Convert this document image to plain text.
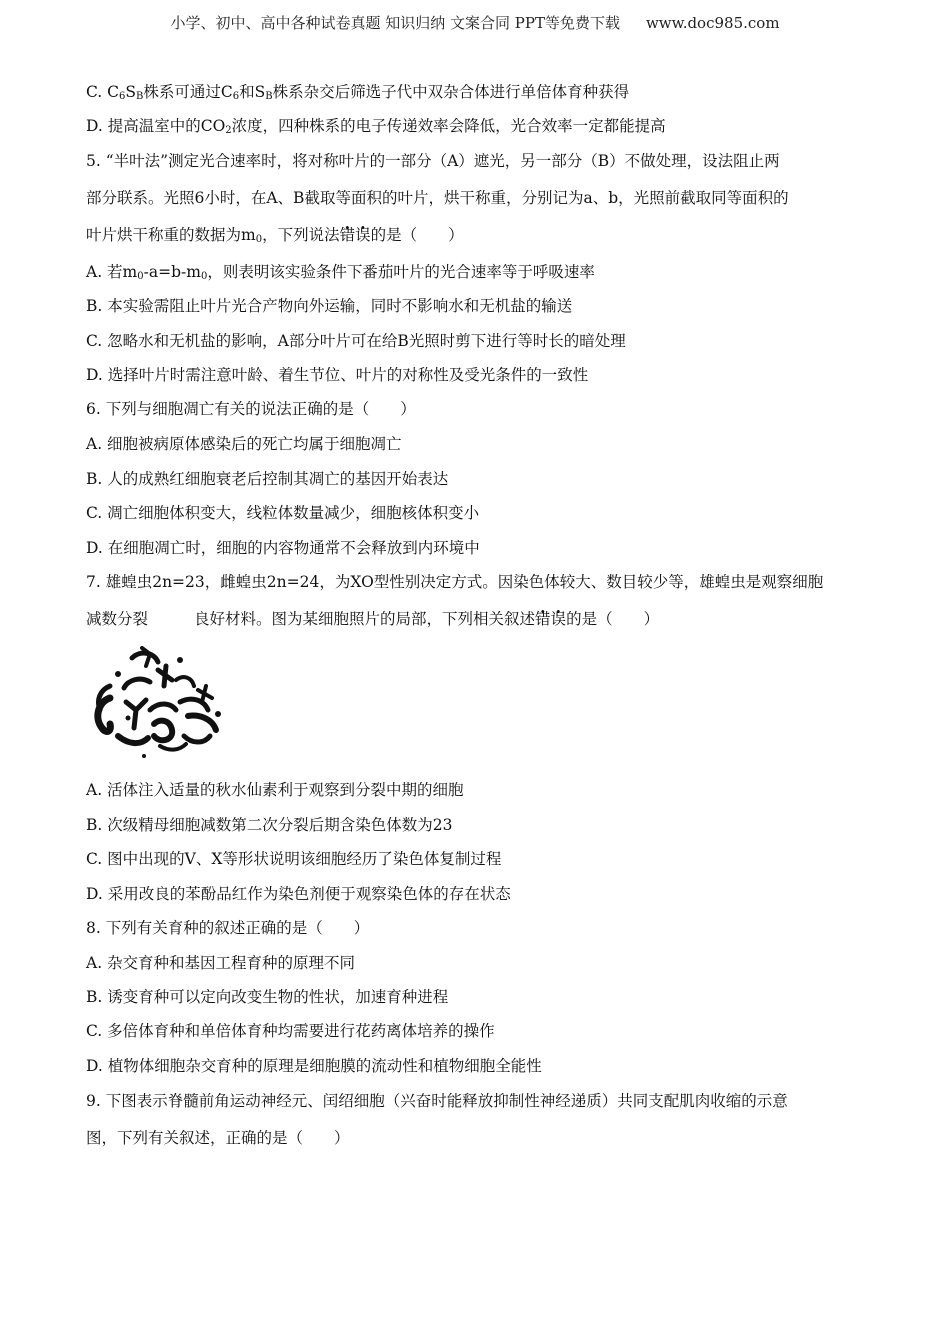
小学、初中、高中各种试卷真题 知识归纳 文案合同 PPT等免费下载 www.doc985.com
C. $C_6S_B$株系可通过$C_6$和$S_B$株系杂交后筛选子代中双杂合体进行单倍体育种获得
D. 提高温室中的$CO_2$浓度，四种株系的电子传递效率会降低，光合效率一定都能提高
5. “半叶法”测定光合速率时，将对称叶片的一部分（A）遮光，另一部分（B）不做处理，设法阻止两
部分联系。光照6小时，在A、B截取等面积的叶片，烘干称重，分别记为a、b，光照前截取同等面积的
叶片烘干称重的数据为$m_0$，下列说法错误的是（　　）
A. 若$m_0-a=b-m_0$，则表明该实验条件下番茄叶片的光合速率等于呼吸速率
B. 本实验需阻止叶片光合产物向外运输，同时不影响水和无机盐的输送
C. 忽略水和无机盐的影响，A部分叶片可在给B光照时剪下进行等时长的暗处理
D. 选择叶片时需注意叶龄、着生节位、叶片的对称性及受光条件的一致性
6. 下列与细胞凋亡有关的说法正确的是（　　）
A. 细胞被病原体感染后的死亡均属于细胞凋亡
B. 人的成熟红细胞衰老后控制其凋亡的基因开始表达
C. 凋亡细胞体积变大，线粒体数量减少，细胞核体积变小
D. 在细胞凋亡时，细胞的内容物通常不会释放到内环境中
7. 雄蝗虫2n=23，雌蝗虫2n=24，为XO型性别决定方式。因染色体较大、数目较少等，雄蝗虫是观察细胞
减数分裂	良好材料。图为某细胞照片的局部，下列相关叙述错误的是（　　）
A. 活体注入适量的秋水仙素利于观察到分裂中期的细胞
B. 次级精母细胞减数第二次分裂后期含染色体数为23
C. 图中出现的V、X等形状说明该细胞经历了染色体复制过程
D. 采用改良的苯酚品红作为染色剂便于观察染色体的存在状态
8. 下列有关育种的叙述正确的是（　　）
A. 杂交育种和基因工程育种的原理不同
B. 诱变育种可以定向改变生物的性状，加速育种进程
C. 多倍体育种和单倍体育种均需要进行花药离体培养的操作
D. 植物体细胞杂交育种的原理是细胞膜的流动性和植物细胞全能性
9. 下图表示脊髓前角运动神经元、闰绍细胞（兴奋时能释放抑制性神经递质）共同支配肌肉收缩的示意
图，下列有关叙述，正确的是（　　）
